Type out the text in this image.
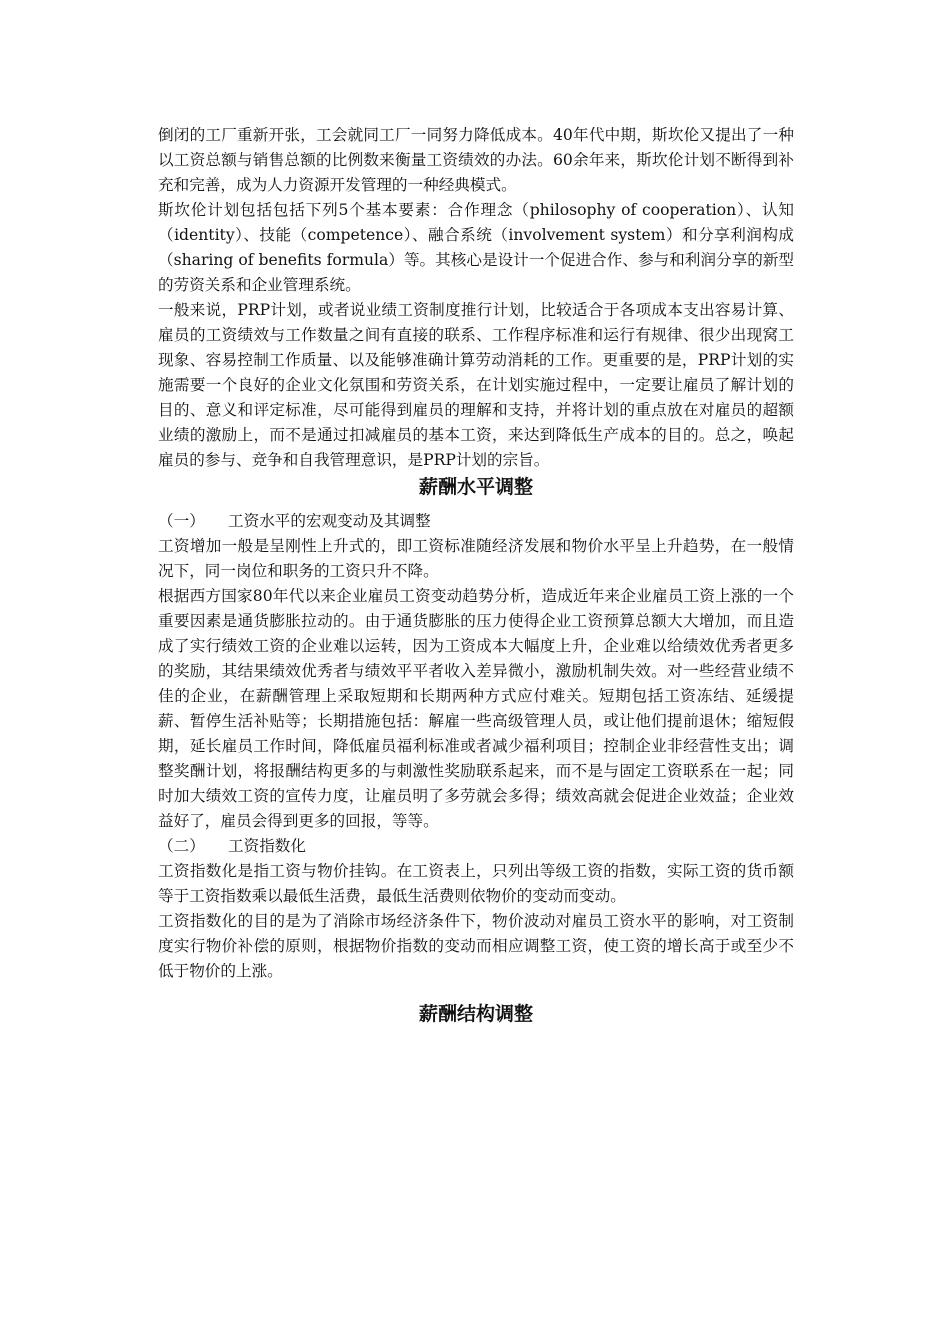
倒闭的工厂重新开张，工会就同工厂一同努力降低成本。40年代中期，斯坎伦又提出了一种以工资总额与销售总额的比例数来衡量工资绩效的办法。60余年来，斯坎伦计划不断得到补充和完善，成为人力资源开发管理的一种经典模式。

斯坎伦计划包括包括下列5个基本要素：合作理念（philosophy of cooperation）、认知（identity）、技能（competence）、融合系统（involvement system）和分享利润构成（sharing of benefits formula）等。其核心是设计一个促进合作、参与和利润分享的新型的劳资关系和企业管理系统。

一般来说，PRP计划，或者说业绩工资制度推行计划，比较适合于各项成本支出容易计算、雇员的工资绩效与工作数量之间有直接的联系、工作程序标准和运行有规律、很少出现窝工现象、容易控制工作质量、以及能够准确计算劳动消耗的工作。更重要的是，PRP计划的实施需要一个良好的企业文化氛围和劳资关系，在计划实施过程中，一定要让雇员了解计划的目的、意义和评定标准，尽可能得到雇员的理解和支持，并将计划的重点放在对雇员的超额业绩的激励上，而不是通过扣减雇员的基本工资，来达到降低生产成本的目的。总之，唤起雇员的参与、竞争和自我管理意识，是PRP计划的宗旨。

薪酬水平调整

（一） 工资水平的宏观变动及其调整

工资增加一般是呈刚性上升式的，即工资标准随经济发展和物价水平呈上升趋势，在一般情况下，同一岗位和职务的工资只升不降。

根据西方国家80年代以来企业雇员工资变动趋势分析，造成近年来企业雇员工资上涨的一个重要因素是通货膨胀拉动的。由于通货膨胀的压力使得企业工资预算总额大大增加，而且造成了实行绩效工资的企业难以运转，因为工资成本大幅度上升，企业难以给绩效优秀者更多的奖励，其结果绩效优秀者与绩效平平者收入差异微小，激励机制失效。对一些经营业绩不佳的企业，在薪酬管理上采取短期和长期两种方式应付难关。短期包括工资冻结、延缓提薪、暂停生活补贴等；长期措施包括：解雇一些高级管理人员，或让他们提前退休；缩短假期，延长雇员工作时间，降低雇员福利标准或者减少福利项目；控制企业非经营性支出；调整奖酬计划，将报酬结构更多的与刺激性奖励联系起来，而不是与固定工资联系在一起；同时加大绩效工资的宣传力度，让雇员明了多劳就会多得；绩效高就会促进企业效益；企业效益好了，雇员会得到更多的回报，等等。

（二） 工资指数化

工资指数化是指工资与物价挂钩。在工资表上，只列出等级工资的指数，实际工资的货币额等于工资指数乘以最低生活费，最低生活费则依物价的变动而变动。

工资指数化的目的是为了消除市场经济条件下，物价波动对雇员工资水平的影响，对工资制度实行物价补偿的原则，根据物价指数的变动而相应调整工资，使工资的增长高于或至少不低于物价的上涨。

薪酬结构调整
